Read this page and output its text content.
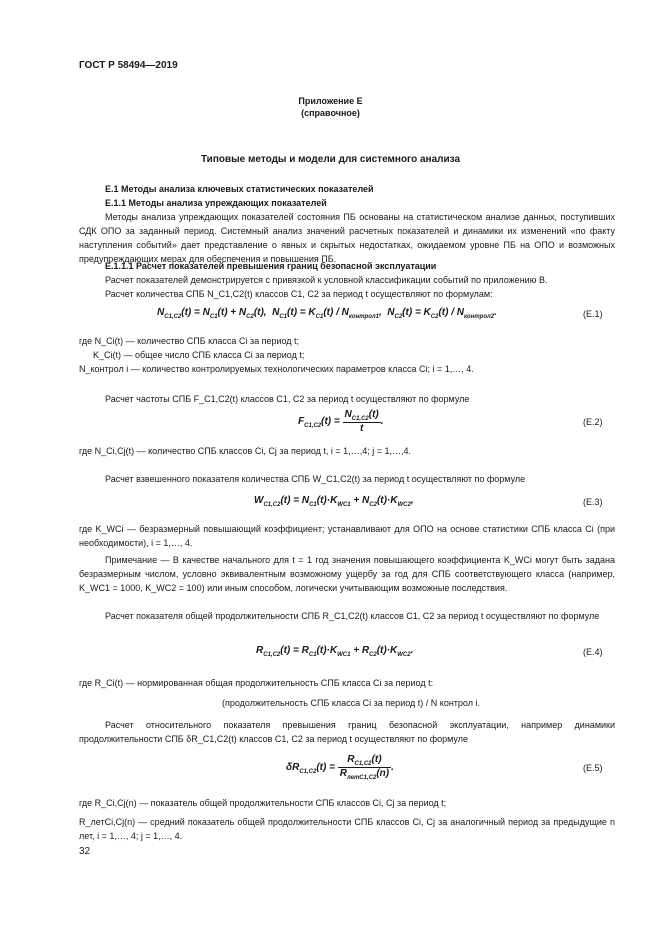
ГОСТ Р 58494—2019
Приложение Е
(справочное)
Типовые методы и модели для системного анализа
Е.1 Методы анализа ключевых статистических показателей
Е.1.1 Методы анализа упреждающих показателей
Методы анализа упреждающих показателей состояния ПБ основаны на статистическом анализе данных, поступивших СДК ОПО за заданный период. Системный анализ значений расчетных показателей и динамики их изменений «по факту наступления событий» дает представление о явных и скрытых недостатках, ожидаемом уровне ПБ на ОПО и возможных предупреждающих мерах для обеспечения и повышения ПБ.
Е.1.1.1 Расчет показателей превышения границ безопасной эксплуатации
Расчет показателей демонстрируется с привязкой к условной классификации событий по приложению В.
Расчет количества СПБ N_C1,C2(t) классов С1, С2 за период t осуществляют по формулам:
$N_{C1,C2}(t) = N_{C1}(t) + N_{C2}(t)$,  $N_{C1}(t) = K_{C1}(t) / N_{контрол1}$,  $N_{C2}(t) = K_{C2}(t) / N_{контрол2}$.	(Е.1)
где N_Ci(t) — количество СПБ класса Ci за период t;
K_Ci(t) — общее число СПБ класса Ci за период t;
N_контрол i — количество контролируемых технологических параметров класса Ci; i = 1,…, 4.
Расчет частоты СПБ F_C1,C2(t) классов С1, С2 за период t осуществляют по формуле
$F_{C1,C2}(t) = \frac{N_{C1,C2}(t)}{t}$ .	(Е.2)
где N_Ci,Cj(t) — количество СПБ классов Ci, Cj за период t, i = 1,…,4; j = 1,…,4.
Расчет взвешенного показателя количества СПБ W_C1,C2(t) за период t осуществляют по формуле
$W_{C1,C2}(t) = N_{C1}(t)\cdot K_{WC1} + N_{C2}(t)\cdot K_{WC2}$,	(Е.3)
где K_WCi — безразмерный повышающий коэффициент; устанавливают для ОПО на основе статистики СПБ класса Ci (при необходимости), i = 1,…, 4.
Примечание — В качестве начального для t = 1 год значения повышающего коэффициента K_WCi могут быть задана безразмерным числом, условно эквивалентным возможному ущербу за год для СПБ соответствующего класса (например, K_WC1 = 1000, K_WC2 = 100) или иным способом, логически учитывающим возможные последствия.
Расчет показателя общей продолжительности СПБ R_C1,C2(t) классов С1, С2 за период t осуществляют по формуле
$R_{C1,C2}(t) = R_{C1}(t)\cdot K_{WC1} + R_{C2}(t)\cdot K_{WC2}$.	(Е.4)
где R_Ci(t) — нормированная общая продолжительность СПБ класса Ci за период t:
(продолжительность СПБ класса Ci за период t) / N контрол i.
Расчет относительного показателя превышения границ безопасной эксплуатации, например динамики продолжительности СПБ δR_C1,C2(t) классов С1, С2 за период t осуществляют по формуле
$\delta R_{C1,C2}(t) = \frac{R_{C1,C2}(t)}{R_{летC1,C2}(n)}$ .	(Е.5)
где R_Ci,Cj(n) — показатель общей продолжительности СПБ классов Ci, Cj за период t;
R_летCi,Cj(n) — средний показатель общей продолжительности СПБ классов Ci, Cj за аналогичный период за предыдущие n лет, i = 1,…, 4; j = 1,…, 4.
32
